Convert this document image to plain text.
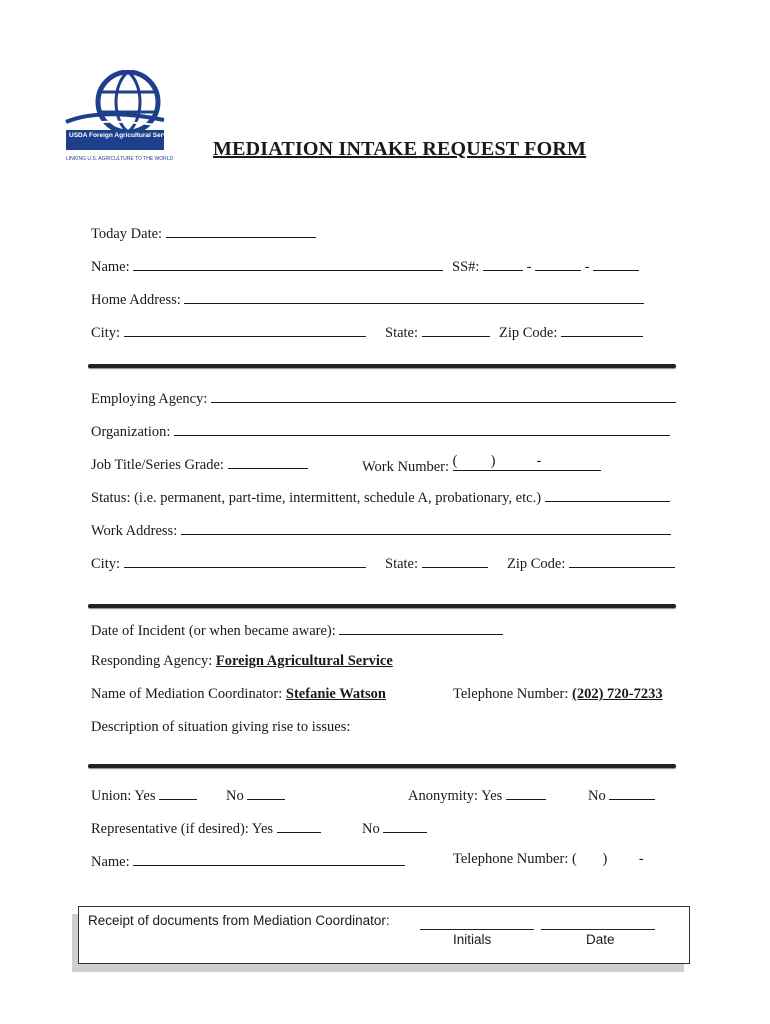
USDA Foreign Agricultural Service
LINKING U.S. AGRICULTURE TO THE WORLD MEDIATION INTAKE REQUEST FORM
Today Date:
Name:	SS#:	-	-
Home Address:
City:	State:	Zip Code:
Employing Agency:
Organization:
Job Title/Series Grade:	Work Number: ( )	-
Status: (i.e. permanent, part-time, intermittent, schedule A, probationary, etc.)
Work Address:
City:	State:	Zip Code:
Date of Incident (or when became aware):
Responding Agency: Foreign Agricultural Service
Name of Mediation Coordinator: Stefanie Watson	Telephone Number: (202) 720-7233
Description of situation giving rise to issues:
Union: Yes	No	Anonymity: Yes	No
Representative (if desired): Yes	No
Name:	Telephone Number: ( ) -
Receipt of documents from Mediation Coordinator:
Initials	Date
